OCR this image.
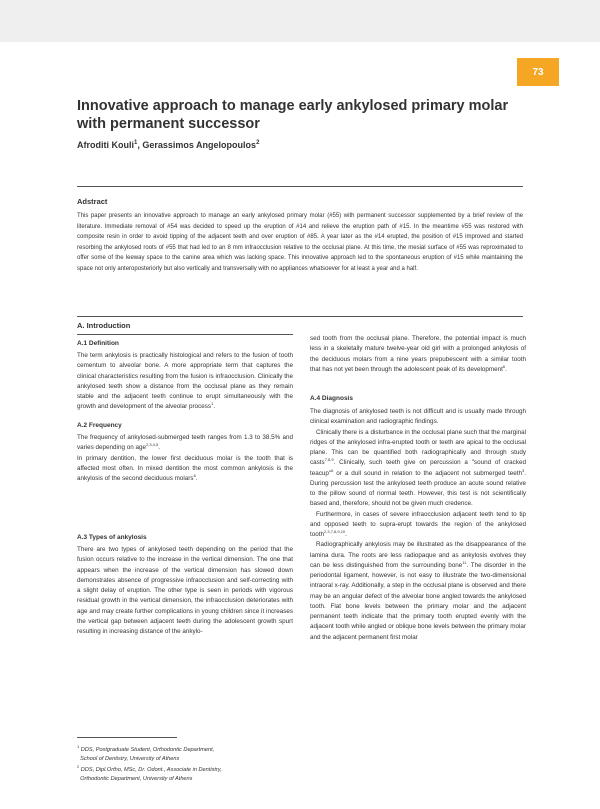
73
Innovative approach to manage early ankylosed primary molar with permanent successor
Afroditi Kouli$^1$, Gerassimos Angelopoulos$^2$
Adstract
This paper presents an innovative approach to manage an early ankylosed primary molar (#55) with permanent successor supplemented by a brief review of the literature. Immediate removal of #54 was decided to speed up the eruption of #14 and relieve the eruption path of #15. In the meantime #55 was restored with composite resin in order to avoid tipping of the adjacent teeth and over eruption of #85. A year later as the #14 erupted, the position of #15 improved and started resorbing the ankylosed roots of #55 that had led to an 8 mm infraocclusion relative to the occlusal plane. At this time, the mesial surface of #55 was reproximated to offer some of the leeway space to the canine area which was lacking space. This innovative approach led to the spontaneous eruption of #15 while maintaining the space not only anteroposteriorly but also vertically and transversally with no appliances whatsoever for at least a year and a half.
A. Introduction
A.1 Definition

The term ankylosis is practically histological and refers to the fusion of tooth cementum to alveolar bone. A more appropriate term that captures the clinical characteristics resulting from the fusion is infraocclusion. Clinically the ankylosed teeth show a distance from the occlusal plane as they remain stable and the adjacent teeth continue to erupt simultaneously with the growth and development of the alveolar process$^1$.

A.2 Frequency

The frequency of ankylosed-submerged teeth ranges from 1.3 to 38.5% and varies depending on age$^{2,3,4,5}$.

In primary dentition, the lower first deciduous molar is the tooth that is affected most often. In mixed dentition the most common ankylosis is the ankylosis of the second deciduous molars$^6$.

A.3 Types of ankylosis

There are two types of ankylosed teeth depending on the period that the fusion occurs relative to the increase in the vertical dimension. The one that appears when the increase of the vertical dimension has slowed down demonstrates absence of progressive infraocclusion and self-correcting with a slight delay of eruption. The other type is seen in periods with vigorous residual growth in the vertical dimension, the infraocclusion deteriorates with age and may create further complications in young children since it increases the vertical gap between adjacent teeth during the adolescent growth spurt resulting in increasing distance of the ankylo-

$^1$ DDS, Postgraduate Student, Orthodontic Department,
School of Dentistry, University of Athens
$^2$ DDS, Dipl.Ortho, MSc, Dr. Odont., Associate in Dentistry,
Orthodontic Department, University of Athens

sed tooth from the occlusal plane. Therefore, the potential impact is much less in a skeletally mature twelve-year old girl with a prolonged ankylosis of the deciduous molars from a nine years prepubescent with a similar tooth that has not yet been through the adolescent peak of its development$^6$.

A.4 Diagnosis

The diagnosis of ankylosed teeth is not difficult and is usually made through clinical examination and radiographic findings.

Clinically there is a disturbance in the occlusal plane such that the marginal ridges of the ankylosed infra-erupted tooth or teeth are apical to the occlusal plane. This can be quantified both radiographically and through study casts$^{7,8,9}$. Clinically, such teeth give on percussion a "sound of cracked teacup"$^6$ or a dull sound in relation to the adjacent not submerged teeth$^3$. During percussion test the ankylosed teeth produce an acute sound relative to the pillow sound of normal teeth. However, this test is not scientifically based and, therefore, should not be given much credence.

Furthermore, in cases of severe infraocclusion adjacent teeth tend to tip and opposed teeth to supra-erupt towards the region of the ankylosed tooth$^{2,3,7,8,9,10}$.

Radiographically ankylosis may be illustrated as the disappearance of the lamina dura. The roots are less radiopaque and as ankylosis evolves they can be less distinguished from the surrounding bone$^{11}$. The disorder in the periodontal ligament, however, is not easy to illustrate the two-dimensional intraoral x-ray. Additionally, a step in the occlusal plane is observed and there may be an angular defect of the alveolar bone angled towards the ankylosed tooth. Flat bone levels between the primary molar and the adjacent permanent teeth indicate that the primary tooth erupted evenly with the adjacent tooth while angled or oblique bone levels between the primary molar and the adjacent permanent first molar
